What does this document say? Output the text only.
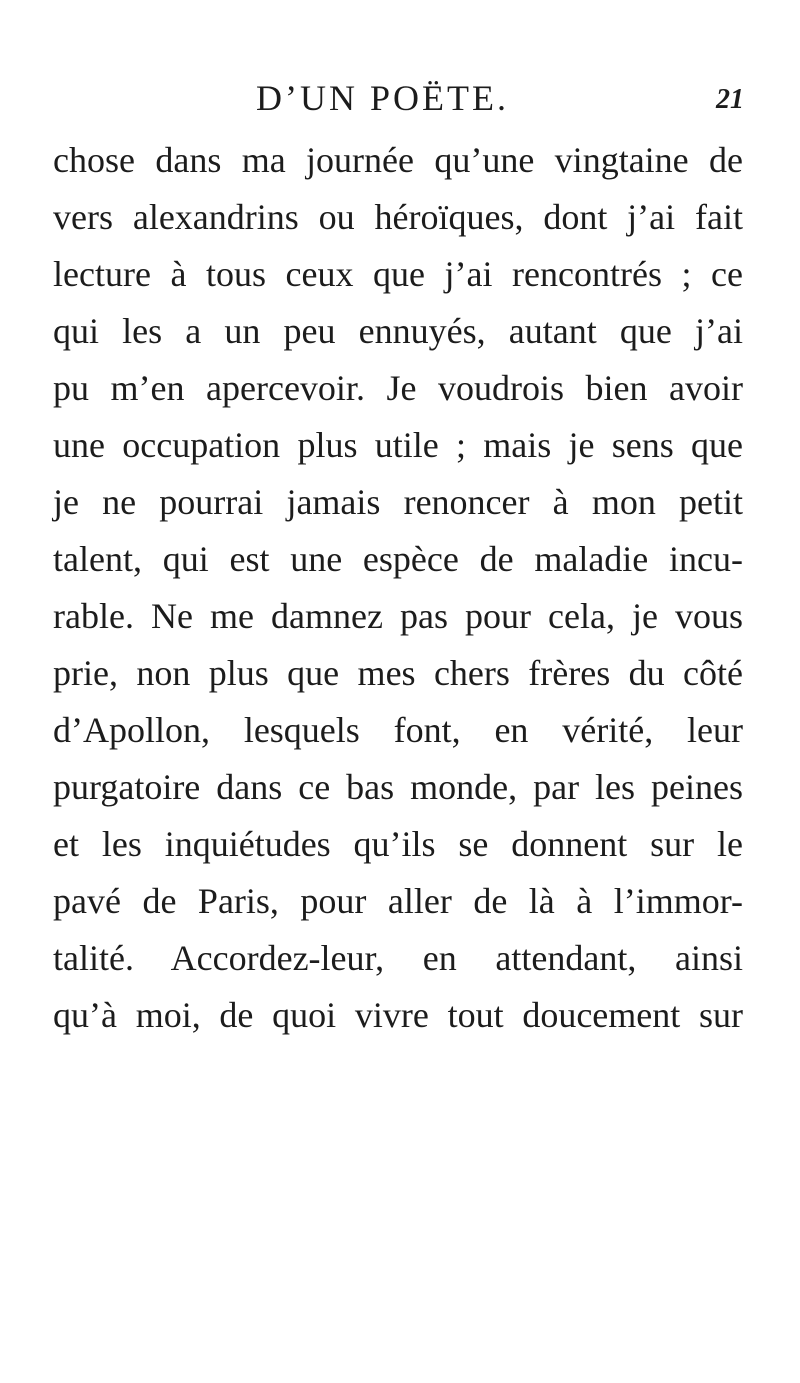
D’UN POËTE.	21
chose dans ma journée qu’une vingtaine de
vers alexandrins ou héroïques, dont j’ai fait
lecture à tous ceux que j’ai rencontrés ; ce
qui les a un peu ennuyés, autant que j’ai
pu m’en apercevoir. Je voudrois bien avoir
une occupation plus utile ; mais je sens que
je ne pourrai jamais renoncer à mon petit
talent, qui est une espèce de maladie incu-
rable. Ne me damnez pas pour cela, je vous
prie, non plus que mes chers frères du côté
d’Apollon, lesquels font, en vérité, leur
purgatoire dans ce bas monde, par les peines
et les inquiétudes qu’ils se donnent sur le
pavé de Paris, pour aller de là à l’immor-
talité. Accordez-leur, en attendant, ainsi
qu’à moi, de quoi vivre tout doucement sur
